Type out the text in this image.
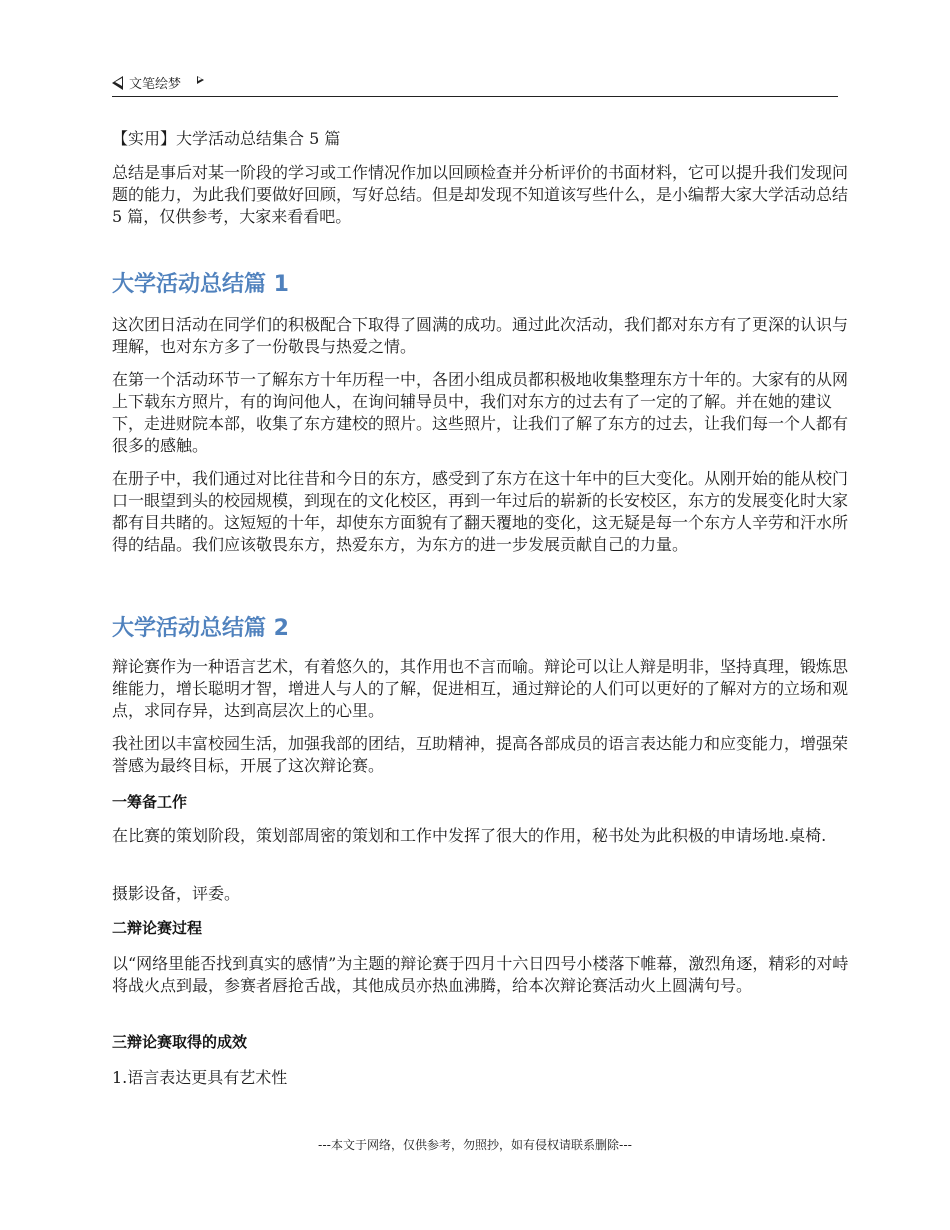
文笔绘梦

【实用】大学活动总结集合 5 篇

总结是事后对某一阶段的学习或工作情况作加以回顾检查并分析评价的书面材料，它可以提升我们发现问题的能力，为此我们要做好回顾，写好总结。但是却发现不知道该写些什么，是小编帮大家大学活动总结 5 篇，仅供参考，大家来看看吧。

大学活动总结篇 1

这次团日活动在同学们的积极配合下取得了圆满的成功。通过此次活动，我们都对东方有了更深的认识与理解，也对东方多了一份敬畏与热爱之情。

在第一个活动环节一了解东方十年历程一中，各团小组成员都积极地收集整理东方十年的。大家有的从网上下载东方照片，有的询问他人，在询问辅导员中，我们对东方的过去有了一定的了解。并在她的建议下，走进财院本部，收集了东方建校的照片。这些照片，让我们了解了东方的过去，让我们每一个人都有很多的感触。

在册子中，我们通过对比往昔和今日的东方，感受到了东方在这十年中的巨大变化。从刚开始的能从校门口一眼望到头的校园规模，到现在的文化校区，再到一年过后的崭新的长安校区，东方的发展变化时大家都有目共睹的。这短短的十年，却使东方面貌有了翻天覆地的变化，这无疑是每一个东方人辛劳和汗水所得的结晶。我们应该敬畏东方，热爱东方，为东方的进一步发展贡献自己的力量。

大学活动总结篇 2

辩论赛作为一种语言艺术，有着悠久的，其作用也不言而喻。辩论可以让人辩是明非，坚持真理，锻炼思维能力，增长聪明才智，增进人与人的了解，促进相互，通过辩论的人们可以更好的了解对方的立场和观点，求同存异，达到高层次上的心里。

我社团以丰富校园生活，加强我部的团结，互助精神，提高各部成员的语言表达能力和应变能力，增强荣誉感为最终目标，开展了这次辩论赛。

一筹备工作

在比赛的策划阶段，策划部周密的策划和工作中发挥了很大的作用，秘书处为此积极的申请场地.桌椅.

摄影设备，评委。

二辩论赛过程

以“网络里能否找到真实的感情”为主题的辩论赛于四月十六日四号小楼落下帷幕，激烈角逐，精彩的对峙将战火点到最，参赛者唇抢舌战，其他成员亦热血沸腾，给本次辩论赛活动火上圆满句号。

三辩论赛取得的成效

1.语言表达更具有艺术性

---本文于网络，仅供参考，勿照抄，如有侵权请联系删除---
